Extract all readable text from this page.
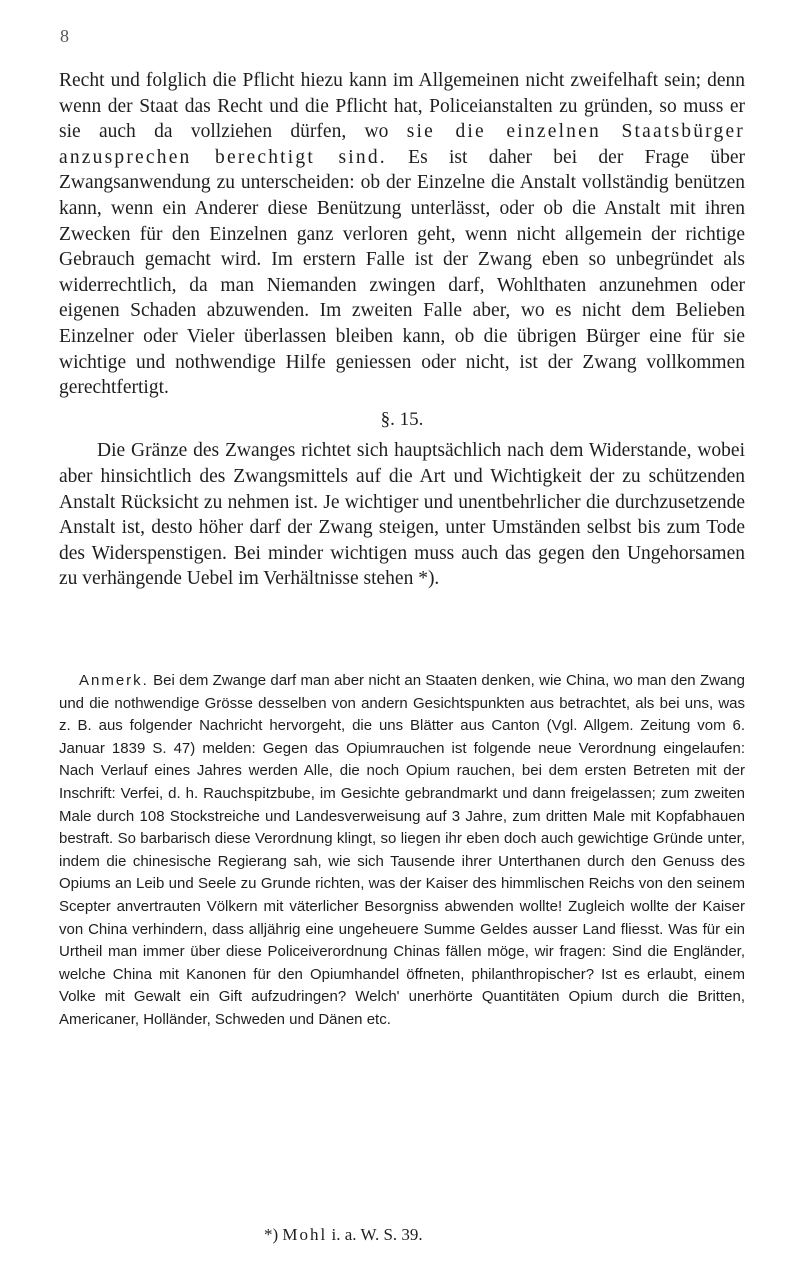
8

Recht und folglich die Pflicht hiezu kann im Allgemeinen nicht zweifelhaft sein; denn wenn der Staat das Recht und die Pflicht hat, Policeianstalten zu gründen, so muss er sie auch da vollziehen dürfen, wo sie die einzelnen Staatsbürger anzusprechen berechtigt sind. Es ist daher bei der Frage über Zwangsanwendung zu unterscheiden: ob der Einzelne die Anstalt vollständig benützen kann, wenn ein Anderer diese Benützung unterlässt, oder ob die Anstalt mit ihren Zwecken für den Einzelnen ganz verloren geht, wenn nicht allgemein der richtige Gebrauch gemacht wird. Im erstern Falle ist der Zwang eben so unbegründet als widerrechtlich, da man Niemanden zwingen darf, Wohlthaten anzunehmen oder eigenen Schaden abzuwenden. Im zweiten Falle aber, wo es nicht dem Belieben Einzelner oder Vieler überlassen bleiben kann, ob die übrigen Bürger eine für sie wichtige und nothwendige Hilfe geniessen oder nicht, ist der Zwang vollkommen gerechtfertigt.

§. 15.

Die Gränze des Zwanges richtet sich hauptsächlich nach dem Widerstande, wobei aber hinsichtlich des Zwangsmittels auf die Art und Wichtigkeit der zu schützenden Anstalt Rücksicht zu nehmen ist. Je wichtiger und unentbehrlicher die durchzusetzende Anstalt ist, desto höher darf der Zwang steigen, unter Umständen selbst bis zum Tode des Widerspenstigen. Bei minder wichtigen muss auch das gegen den Ungehorsamen zu verhängende Uebel im Verhältnisse stehen *).

Anmerk. Bei dem Zwange darf man aber nicht an Staaten denken, wie China, wo man den Zwang und die nothwendige Grösse desselben von andern Gesichtspunkten aus betrachtet, als bei uns, was z. B. aus folgender Nachricht hervorgeht, die uns Blätter aus Canton (Vgl. Allgem. Zeitung vom 6. Januar 1839 S. 47) melden: Gegen das Opiumrauchen ist folgende neue Verordnung eingelaufen: Nach Verlauf eines Jahres werden Alle, die noch Opium rauchen, bei dem ersten Betreten mit der Inschrift: Verfei, d. h. Rauchspitzbube, im Gesichte gebrandmarkt und dann freigelassen; zum zweiten Male durch 108 Stockstreiche und Landesverweisung auf 3 Jahre, zum dritten Male mit Kopfabhauen bestraft. So barbarisch diese Verordnung klingt, so liegen ihr eben doch auch gewichtige Gründe unter, indem die chinesische Regierang sah, wie sich Tausende ihrer Unterthanen durch den Genuss des Opiums an Leib und Seele zu Grunde richten, was der Kaiser des himmlischen Reichs von den seinem Scepter anvertrauten Völkern mit väterlicher Besorgniss abwenden wollte! Zugleich wollte der Kaiser von China verhindern, dass alljährig eine ungeheuere Summe Geldes ausser Land fliesst. Was für ein Urtheil man immer über diese Policeiverordnung Chinas fällen möge, wir fragen: Sind die Engländer, welche China mit Kanonen für den Opiumhandel öffneten, philanthropischer? Ist es erlaubt, einem Volke mit Gewalt ein Gift aufzudringen? Welch' unerhörte Quantitäten Opium durch die Britten, Americaner, Holländer, Schweden und Dänen etc.

*) Mohl i. a. W. S. 39.
